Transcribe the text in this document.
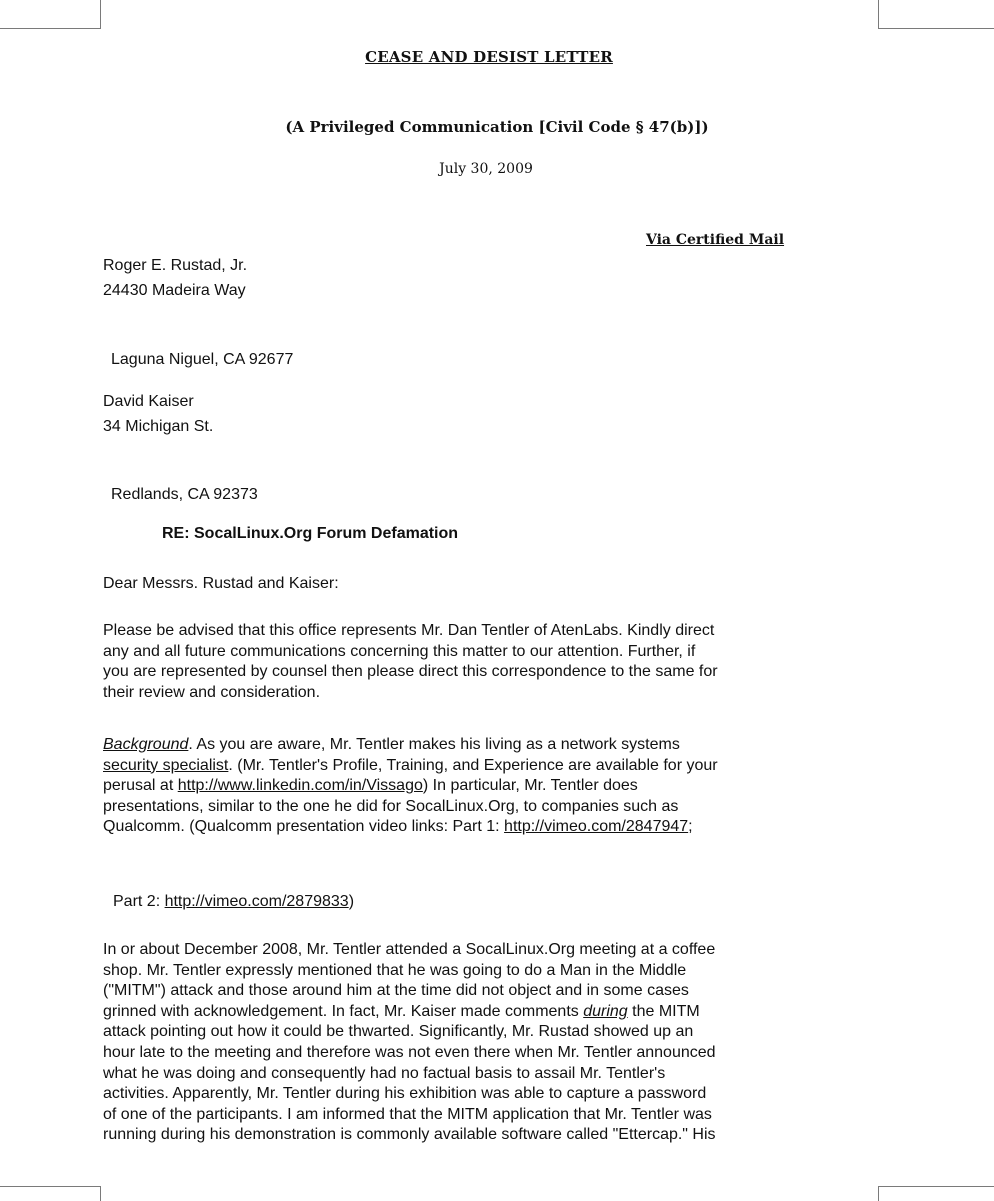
CEASE AND DESIST LETTER
(A Privileged Communication [Civil Code § 47(b)])
July 30, 2009
Via Certified Mail
Roger E. Rustad, Jr.
24430 Madeira Way
Laguna Niguel, CA 92677
David Kaiser
34 Michigan St.
Redlands, CA 92373
RE: SocalLinux.Org Forum Defamation
Dear Messrs. Rustad and Kaiser:
Please be advised that this office represents Mr. Dan Tentler of AtenLabs. Kindly direct
any and all future communications concerning this matter to our attention. Further, if
you are represented by counsel then please direct this correspondence to the same for
their review and consideration.
Background. As you are aware, Mr. Tentler makes his living as a network systems
security specialist. (Mr. Tentler's Profile, Training, and Experience are available for your
perusal at http://www.linkedin.com/in/Vissago) In particular, Mr. Tentler does
presentations, similar to the one he did for SocalLinux.Org, to companies such as
Qualcomm. (Qualcomm presentation video links: Part 1: http://vimeo.com/2847947;
Part 2: http://vimeo.com/2879833)
In or about December 2008, Mr. Tentler attended a SocalLinux.Org meeting at a coffee
shop. Mr. Tentler expressly mentioned that he was going to do a Man in the Middle
("MITM") attack and those around him at the time did not object and in some cases
grinned with acknowledgement. In fact, Mr. Kaiser made comments during the MITM
attack pointing out how it could be thwarted. Significantly, Mr. Rustad showed up an
hour late to the meeting and therefore was not even there when Mr. Tentler announced
what he was doing and consequently had no factual basis to assail Mr. Tentler's
activities. Apparently, Mr. Tentler during his exhibition was able to capture a password
of one of the participants. I am informed that the MITM application that Mr. Tentler was
running during his demonstration is commonly available software called "Ettercap." His
